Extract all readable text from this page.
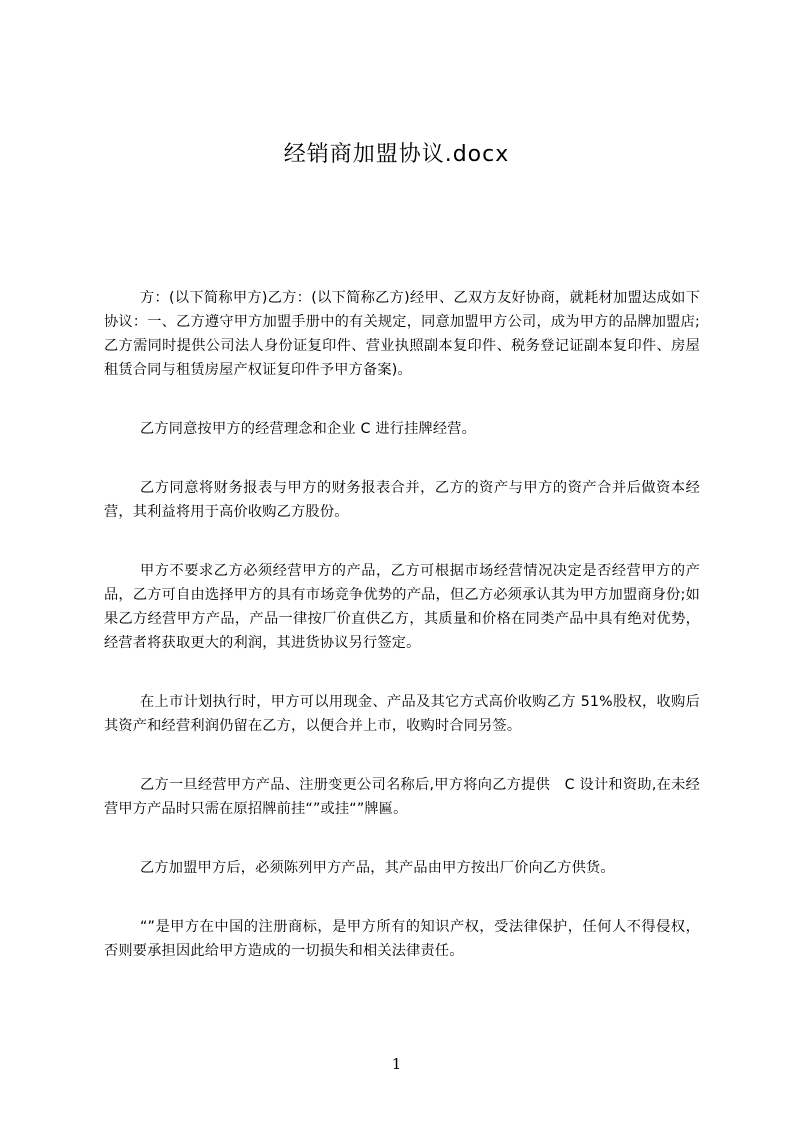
经销商加盟协议.docx

方：(以下简称甲方)乙方：(以下简称乙方)经甲、乙双方友好协商，就耗材加盟达成如下协议：一、乙方遵守甲方加盟手册中的有关规定，同意加盟甲方公司，成为甲方的品牌加盟店;乙方需同时提供公司法人身份证复印件、营业执照副本复印件、税务登记证副本复印件、房屋租赁合同与租赁房屋产权证复印件予甲方备案)。

乙方同意按甲方的经营理念和企业 C 进行挂牌经营。

乙方同意将财务报表与甲方的财务报表合并，乙方的资产与甲方的资产合并后做资本经营，其利益将用于高价收购乙方股份。

甲方不要求乙方必须经营甲方的产品，乙方可根据市场经营情况决定是否经营甲方的产品，乙方可自由选择甲方的具有市场竞争优势的产品，但乙方必须承认其为甲方加盟商身份;如果乙方经营甲方产品，产品一律按厂价直供乙方，其质量和价格在同类产品中具有绝对优势，经营者将获取更大的利润，其进货协议另行签定。

在上市计划执行时，甲方可以用现金、产品及其它方式高价收购乙方 51%股权，收购后其资产和经营利润仍留在乙方，以便合并上市，收购时合同另签。

乙方一旦经营甲方产品、注册变更公司名称后,甲方将向乙方提供　C 设计和资助,在未经营甲方产品时只需在原招牌前挂“”或挂“”牌匾。

乙方加盟甲方后，必须陈列甲方产品，其产品由甲方按出厂价向乙方供货。

“”是甲方在中国的注册商标，是甲方所有的知识产权，受法律保护，任何人不得侵权，否则要承担因此给甲方造成的一切损失和相关法律责任。

1
